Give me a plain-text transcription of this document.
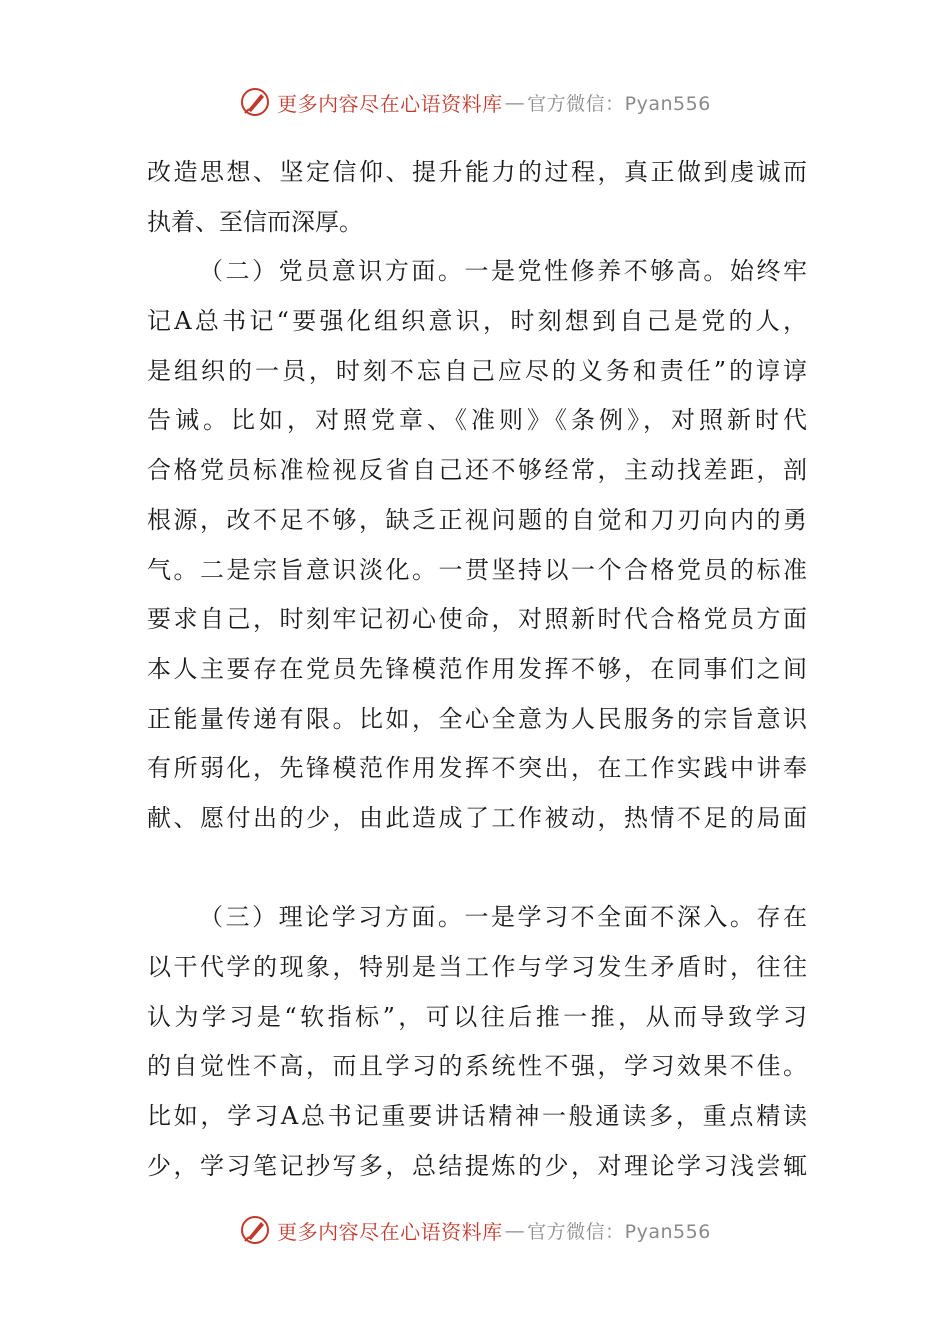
更多内容尽在心语资料库 — 官方微信：Pyan556
改造思想、坚定信仰、提升能力的过程，真正做到虔诚而
执着、至信而深厚。
（二）党员意识方面。一是党性修养不够高。始终牢
记A总书记“要强化组织意识，时刻想到自己是党的人，
是组织的一员，时刻不忘自己应尽的义务和责任”的谆谆
告诫。比如，对照党章、《准则》《条例》，对照新时代
合格党员标准检视反省自己还不够经常，主动找差距，剖
根源，改不足不够，缺乏正视问题的自觉和刀刃向内的勇
气。二是宗旨意识淡化。一贯坚持以一个合格党员的标准
要求自己，时刻牢记初心使命，对照新时代合格党员方面
本人主要存在党员先锋模范作用发挥不够，在同事们之间
正能量传递有限。比如，全心全意为人民服务的宗旨意识
有所弱化，先锋模范作用发挥不突出，在工作实践中讲奉
献、愿付出的少，由此造成了工作被动，热情不足的局面
（三）理论学习方面。一是学习不全面不深入。存在
以干代学的现象，特别是当工作与学习发生矛盾时，往往
认为学习是“软指标”，可以往后推一推，从而导致学习
的自觉性不高，而且学习的系统性不强，学习效果不佳。
比如，学习A总书记重要讲话精神一般通读多，重点精读
少，学习笔记抄写多，总结提炼的少，对理论学习浅尝辄
更多内容尽在心语资料库 — 官方微信：Pyan556
